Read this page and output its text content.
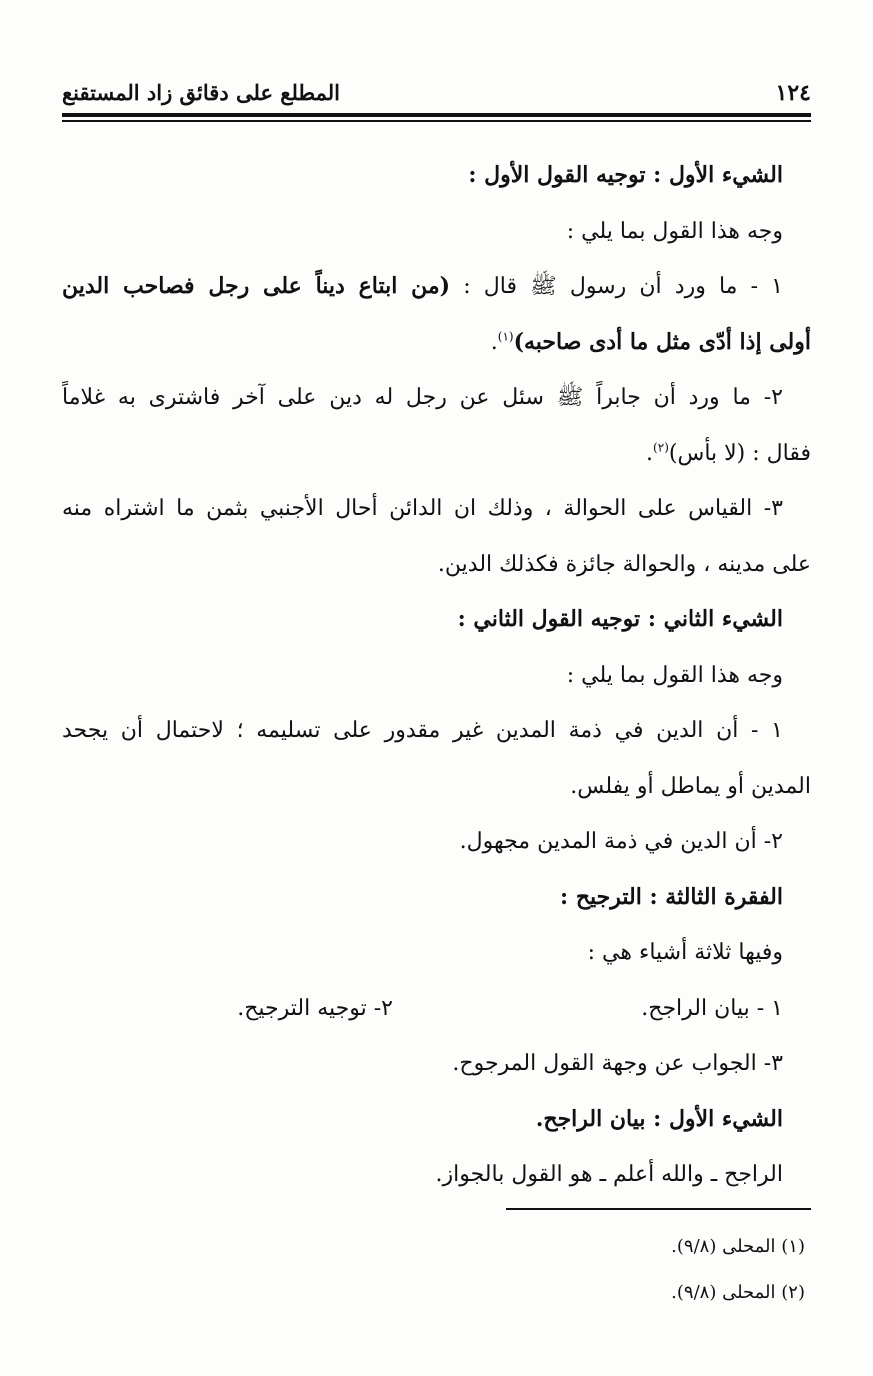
١٢٤
المطلع على دقائق زاد المستقنع
الشيء الأول : توجيه القول الأول :
وجه هذا القول بما يلي :
١ - ما ورد أن رسول ﷺ قال : (من ابتاع ديناً على رجل فصاحب الدين
أولى إذا أدّى مثل ما أدى صاحبه)$^{(١)}$.
٢- ما ورد أن جابراً ﷺ سئل عن رجل له دين على آخر فاشترى به غلاماً
فقال : (لا بأس)$^{(٢)}$.
٣- القياس على الحوالة ، وذلك ان الدائن أحال الأجنبي بثمن ما اشتراه منه
على مدينه ، والحوالة جائزة فكذلك الدين.
الشيء الثاني : توجيه القول الثاني :
وجه هذا القول بما يلي :
١ - أن الدين في ذمة المدين غير مقدور على تسليمه ؛ لاحتمال أن يجحد
المدين أو يماطل أو يفلس.
٢- أن الدين في ذمة المدين مجهول.
الفقرة الثالثة : الترجيح :
وفيها ثلاثة أشياء هي :
١ - بيان الراجح.
٢- توجيه الترجيح.
٣- الجواب عن وجهة القول المرجوح.
الشيء الأول : بيان الراجح.
الراجح ـ والله أعلم ـ هو القول بالجواز.
(١) المحلى (٩/٨).
(٢) المحلى (٩/٨).
